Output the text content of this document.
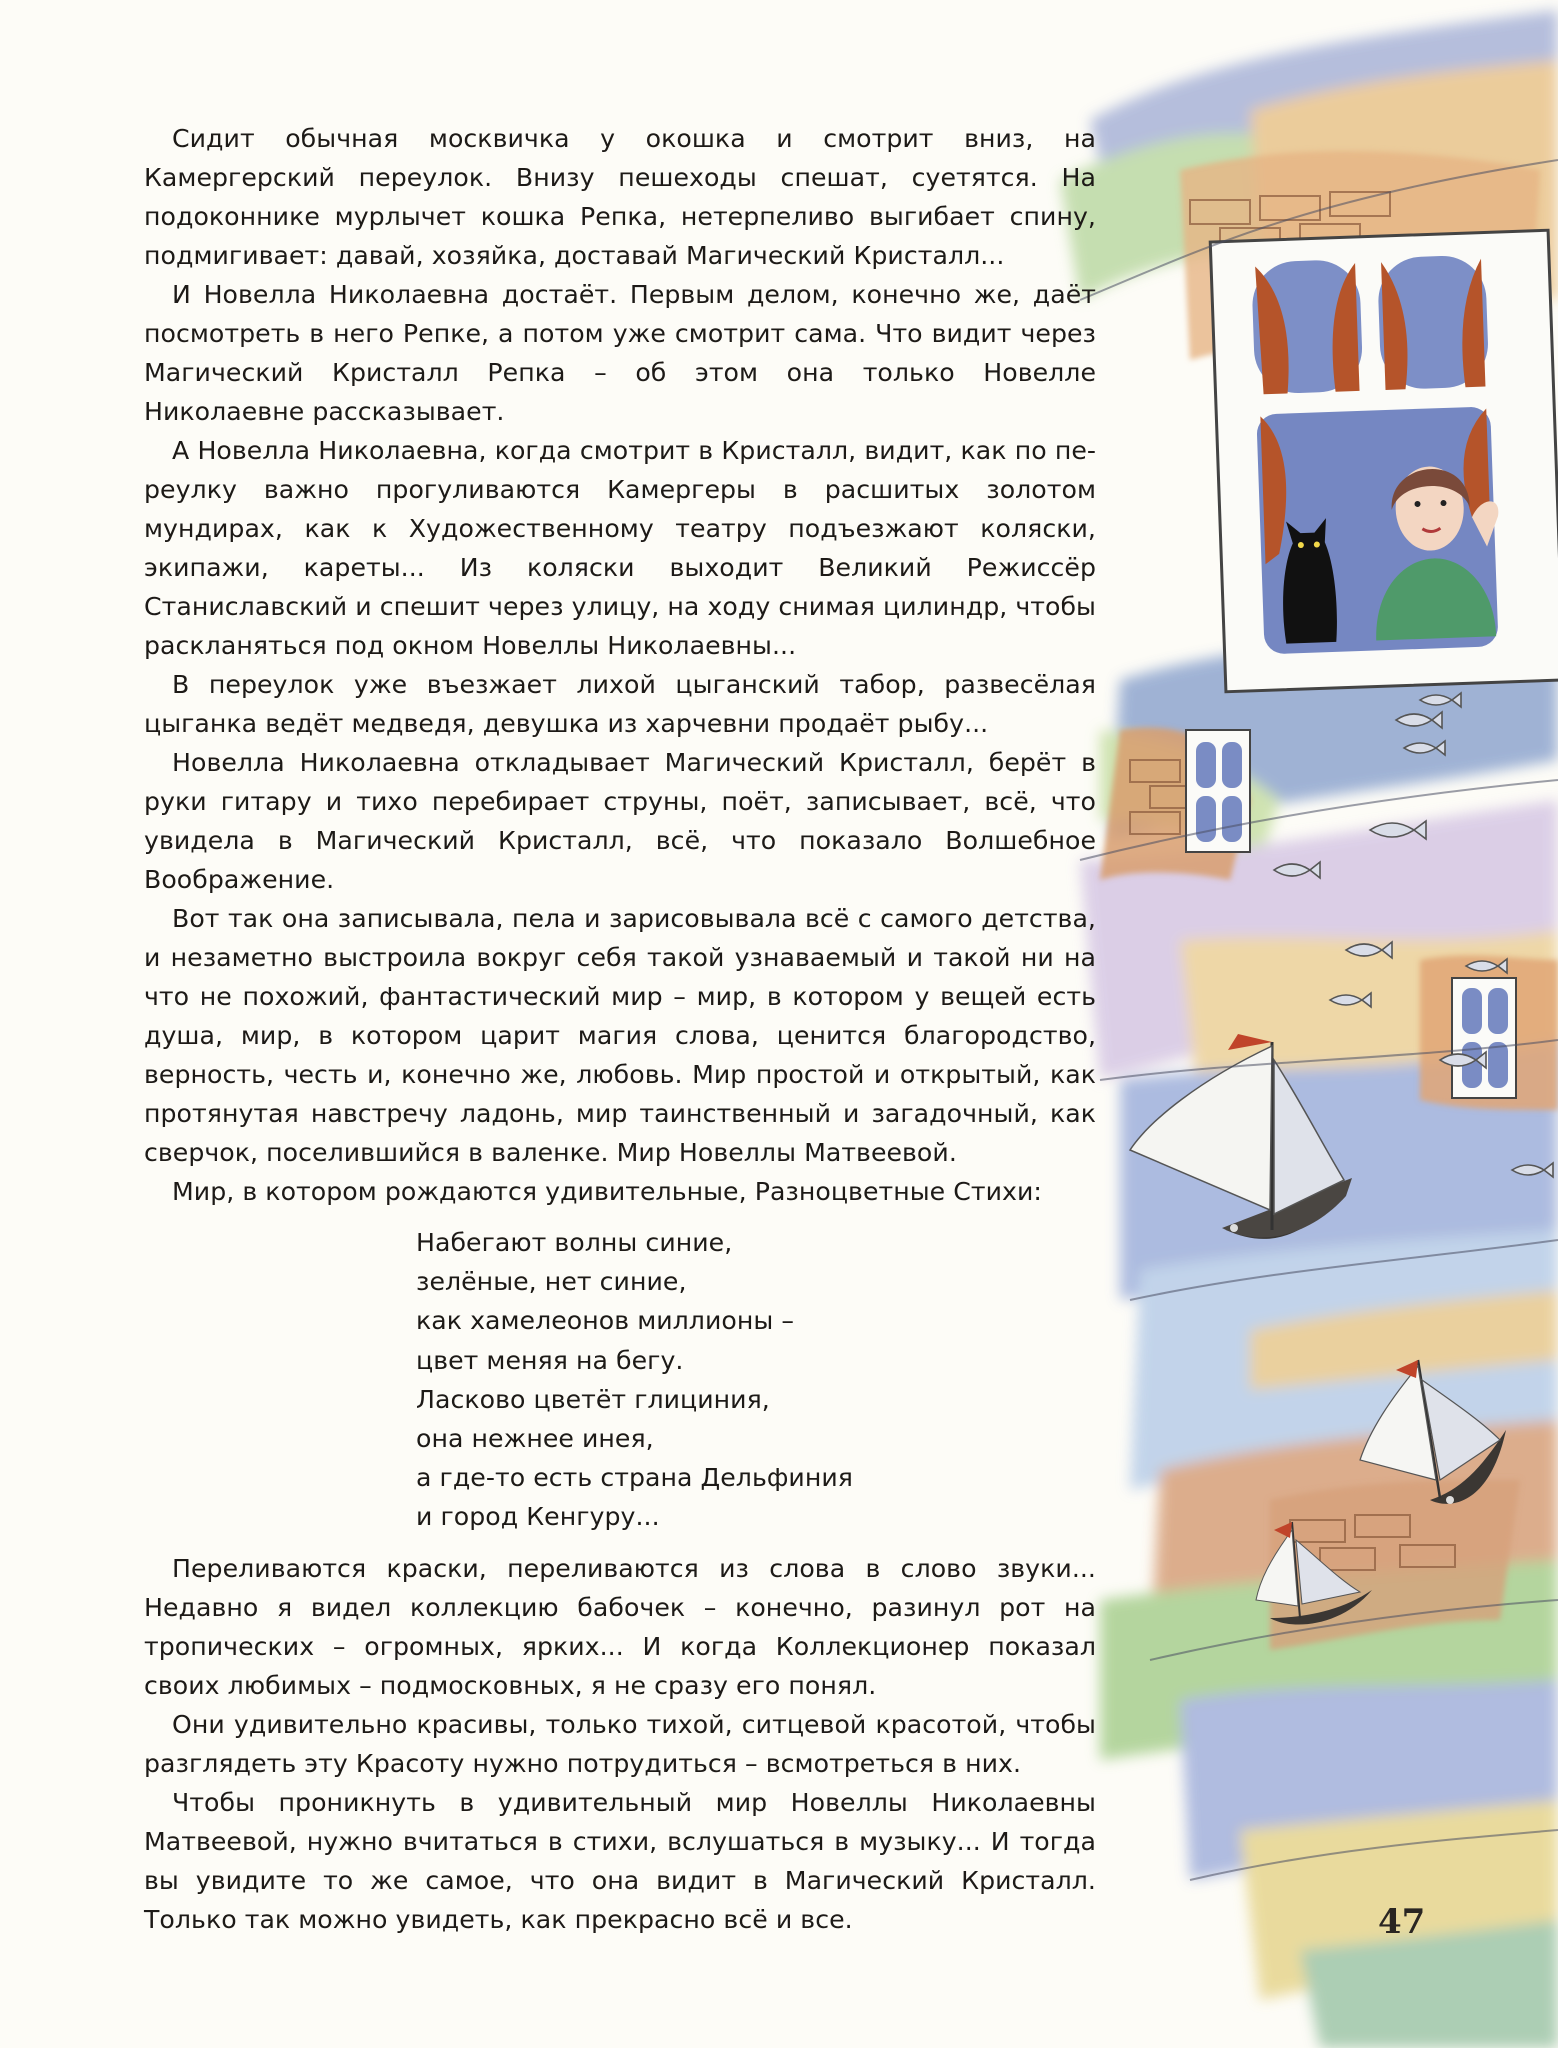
Сидит обычная москвичка у окошка и смотрит вниз, на Камергерский переулок. Внизу пешеходы спешат, суетятся. На подоконнике мурлычет кошка Репка, нетерпеливо выгибает спину, подмигивает: давай, хозяйка, доставай Магический Кристалл...

И Новелла Николаевна достаёт. Первым делом, конечно же, даёт посмотреть в него Репке, а потом уже смотрит сама. Что видит через Магический Кристалл Репка – об этом она только Новелле Николаевне рассказывает.

А Новелла Николаевна, когда смотрит в Кристалл, видит, как по переулку важно прогуливаются Камергеры в расшитых золотом мундирах, как к Художественному театру подъезжают коляски, экипажи, кареты... Из коляски выходит Великий Режиссёр Станиславский и спешит через улицу, на ходу снимая цилиндр, чтобы раскланяться под окном Новеллы Николаевны...

В переулок уже въезжает лихой цыганский табор, развесёлая цыганка ведёт медведя, девушка из харчевни продаёт рыбу...

Новелла Николаевна откладывает Магический Кристалл, берёт в руки гитару и тихо перебирает струны, поёт, записывает, всё, что увидела в Магический Кристалл, всё, что показало Волшебное Воображение.

Вот так она записывала, пела и зарисовывала всё с самого детства, и незаметно выстроила вокруг себя такой узнаваемый и такой ни на что не похожий, фантастический мир – мир, в котором у вещей есть душа, мир, в котором царит магия слова, ценится благородство, верность, честь и, конечно же, любовь. Мир простой и открытый, как протянутая навстречу ладонь, мир таинственный и загадочный, как сверчок, поселившийся в валенке. Мир Новеллы Матвеевой.

Мир, в котором рождаются удивительные, Разноцветные Стихи:

Набегают волны синие,
зелёные, нет синие,
как хамелеонов миллионы –
цвет меняя на бегу.
Ласково цветёт глициния,
она нежнее инея,
а где-то есть страна Дельфиния
и город Кенгуру...

Переливаются краски, переливаются из слова в слово звуки... Недавно я видел коллекцию бабочек – конечно, разинул рот на тропических – огромных, ярких... И когда Коллекционер показал своих любимых – подмосковных, я не сразу его понял.

Они удивительно красивы, только тихой, ситцевой красотой, чтобы разглядеть эту Красоту нужно потрудиться – всмотреться в них.

Чтобы проникнуть в удивительный мир Новеллы Николаевны Матвеевой, нужно вчитаться в стихи, вслушаться в музыку... И тогда вы увидите то же самое, что она видит в Магический Кристалл. Только так можно увидеть, как прекрасно всё и все.	47
